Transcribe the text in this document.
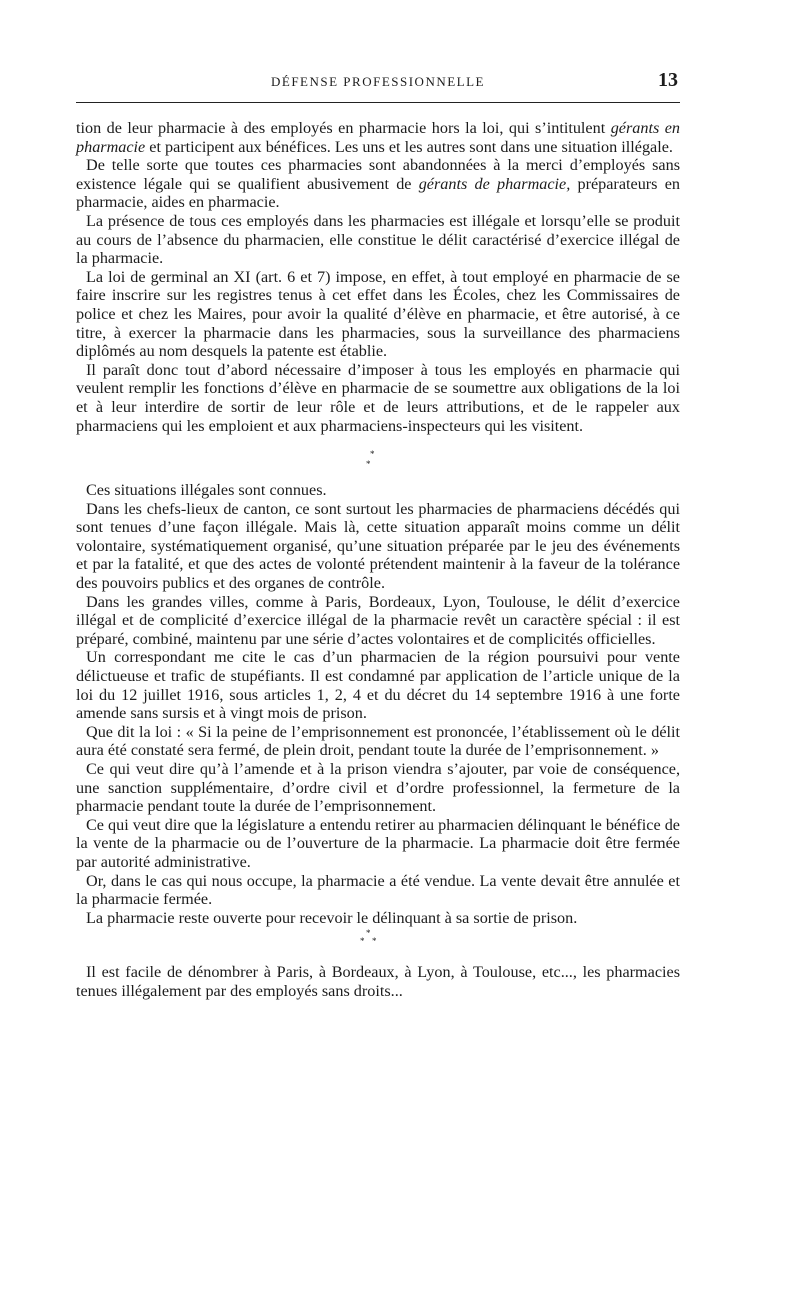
DÉFENSE PROFESSIONNELLE	13

tion de leur pharmacie à des employés en pharmacie hors la loi, qui s’intitulent gérants en pharmacie et participent aux bénéfices. Les uns et les autres sont dans une situation illégale.

De telle sorte que toutes ces pharmacies sont abandonnées à la merci d’employés sans existence légale qui se qualifient abusivement de gérants de pharmacie, préparateurs en pharmacie, aides en pharmacie.

La présence de tous ces employés dans les pharmacies est illégale et lorsqu’elle se produit au cours de l’absence du pharmacien, elle constitue le délit caractérisé d’exercice illégal de la pharmacie.

La loi de germinal an XI (art. 6 et 7) impose, en effet, à tout employé en pharmacie de se faire inscrire sur les registres tenus à cet effet dans les Écoles, chez les Commissaires de police et chez les Maires, pour avoir la qualité d’élève en pharmacie, et être autorisé, à ce titre, à exercer la pharmacie dans les pharmacies, sous la surveillance des pharmaciens diplômés au nom desquels la patente est établie.

Il paraît donc tout d’abord nécessaire d’imposer à tous les employés en pharmacie qui veulent remplir les fonctions d’élève en pharmacie de se soumettre aux obligations de la loi et à leur interdire de sortir de leur rôle et de leurs attributions, et de le rappeler aux pharmaciens qui les emploient et aux pharmaciens-inspecteurs qui les visitent.

*
*

Ces situations illégales sont connues.

Dans les chefs-lieux de canton, ce sont surtout les pharmacies de pharmaciens décédés qui sont tenues d’une façon illégale. Mais là, cette situation apparaît moins comme un délit volontaire, systématiquement organisé, qu’une situation préparée par le jeu des événements et par la fatalité, et que des actes de volonté prétendent maintenir à la faveur de la tolérance des pouvoirs publics et des organes de contrôle.

Dans les grandes villes, comme à Paris, Bordeaux, Lyon, Toulouse, le délit d’exercice illégal et de complicité d’exercice illégal de la pharmacie revêt un caractère spécial : il est préparé, combiné, maintenu par une série d’actes volontaires et de complicités officielles.

Un correspondant me cite le cas d’un pharmacien de la région poursuivi pour vente délictueuse et trafic de stupéfiants. Il est condamné par application de l’article unique de la loi du 12 juillet 1916, sous articles 1, 2, 4 et du décret du 14 septembre 1916 à une forte amende sans sursis et à vingt mois de prison.

Que dit la loi : « Si la peine de l’emprisonnement est prononcée, l’établissement où le délit aura été constaté sera fermé, de plein droit, pendant toute la durée de l’emprisonnement. »

Ce qui veut dire qu’à l’amende et à la prison viendra s’ajouter, par voie de conséquence, une sanction supplémentaire, d’ordre civil et d’ordre professionnel, la fermeture de la pharmacie pendant toute la durée de l’emprisonnement.

Ce qui veut dire que la législature a entendu retirer au pharmacien délinquant le bénéfice de la vente de la pharmacie ou de l’ouverture de la pharmacie. La pharmacie doit être fermée par autorité administrative.

Or, dans le cas qui nous occupe, la pharmacie a été vendue. La vente devait être annulée et la pharmacie fermée.

La pharmacie reste ouverte pour recevoir le délinquant à sa sortie de prison.

*
* *

Il est facile de dénombrer à Paris, à Bordeaux, à Lyon, à Toulouse, etc..., les pharmacies tenues illégalement par des employés sans droits...
